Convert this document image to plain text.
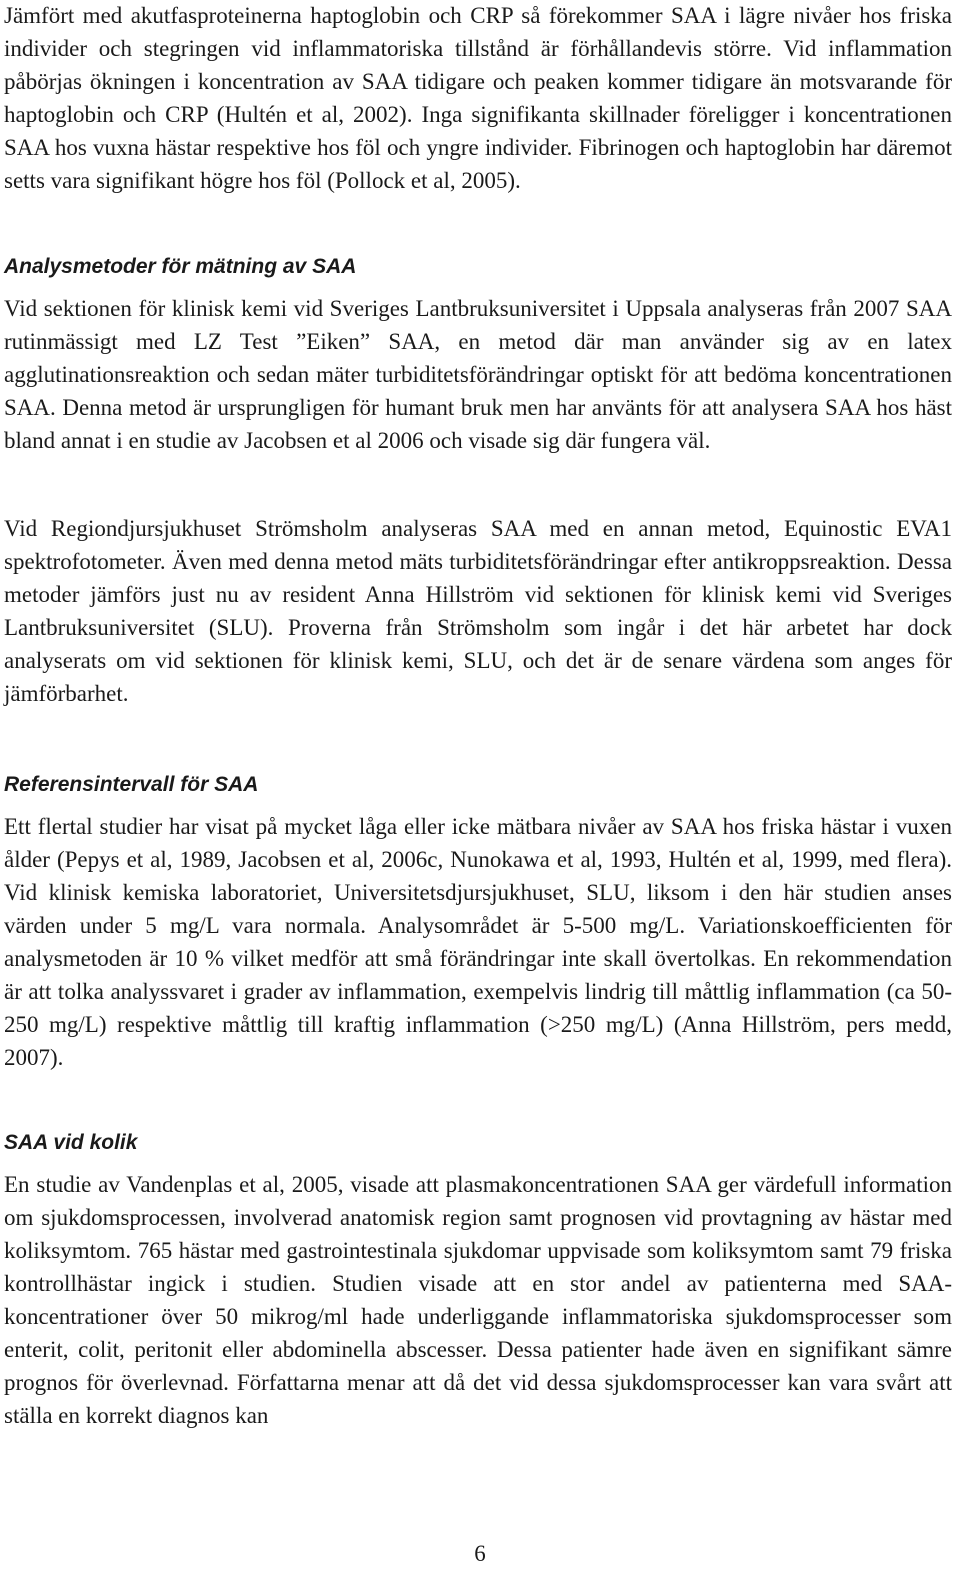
Jämfört med akutfasproteinerna haptoglobin och CRP så förekommer SAA i lägre nivåer hos friska individer och stegringen vid inflammatoriska tillstånd är förhållandevis större. Vid inflammation påbörjas ökningen i koncentration av SAA tidigare och peaken kommer tidigare än motsvarande för haptoglobin och CRP (Hultén et al, 2002). Inga signifikanta skillnader föreligger i koncentrationen SAA hos vuxna hästar respektive hos föl och yngre individer. Fibrinogen och haptoglobin har däremot setts vara signifikant högre hos föl (Pollock et al, 2005).

Analysmetoder för mätning av SAA

Vid sektionen för klinisk kemi vid Sveriges Lantbruksuniversitet i Uppsala analyseras från 2007 SAA rutinmässigt med LZ Test ”Eiken” SAA, en metod där man använder sig av en latex agglutinationsreaktion och sedan mäter turbiditetsförändringar optiskt för att bedöma koncentrationen SAA. Denna metod är ursprungligen för humant bruk men har använts för att analysera SAA hos häst bland annat i en studie av Jacobsen et al 2006 och visade sig där fungera väl.

Vid Regiondjursjukhuset Strömsholm analyseras SAA med en annan metod, Equinostic EVA1 spektrofotometer. Även med denna metod mäts turbiditetsförändringar efter antikroppsreaktion. Dessa metoder jämförs just nu av resident Anna Hillström vid sektionen för klinisk kemi vid Sveriges Lantbruksuniversitet (SLU). Proverna från Strömsholm som ingår i det här arbetet har dock analyserats om vid sektionen för klinisk kemi, SLU, och det är de senare värdena som anges för jämförbarhet.

Referensintervall för SAA

Ett flertal studier har visat på mycket låga eller icke mätbara nivåer av SAA hos friska hästar i vuxen ålder (Pepys et al, 1989, Jacobsen et al, 2006c, Nunokawa et al, 1993, Hultén et al, 1999, med flera). Vid klinisk kemiska laboratoriet, Universitetsdjursjukhuset, SLU, liksom i den här studien anses värden under 5 mg/L vara normala. Analysområdet är 5-500 mg/L. Variationskoefficienten för analysmetoden är 10 % vilket medför att små förändringar inte skall övertolkas. En rekommendation är att tolka analyssvaret i grader av inflammation, exempelvis lindrig till måttlig inflammation (ca 50-250 mg/L) respektive måttlig till kraftig inflammation (>250 mg/L) (Anna Hillström, pers medd, 2007).

SAA vid kolik

En studie av Vandenplas et al, 2005, visade att plasmakoncentrationen SAA ger värdefull information om sjukdomsprocessen, involverad anatomisk region samt prognosen vid provtagning av hästar med koliksymtom. 765 hästar med gastrointestinala sjukdomar uppvisade som koliksymtom samt 79 friska kontrollhästar ingick i studien. Studien visade att en stor andel av patienterna med SAA-koncentrationer över 50 mikrog/ml hade underliggande inflammatoriska sjukdomsprocesser som enterit, colit, peritonit eller abdominella abscesser. Dessa patienter hade även en signifikant sämre prognos för överlevnad. Författarna menar att då det vid dessa sjukdomsprocesser kan vara svårt att ställa en korrekt diagnos kan

6
